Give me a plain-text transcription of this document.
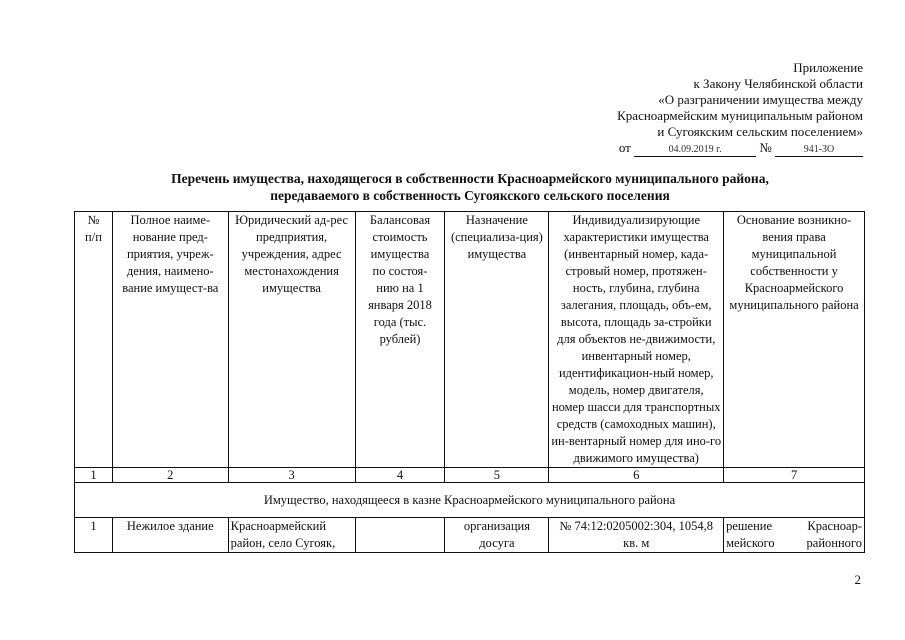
Приложение
к Закону Челябинской области
«О разграничении имущества между
Красноармейским муниципальным районом
и Сугоякским сельским поселением»
от	04.09.2019 г.	№	941-ЗО
Перечень имущества, находящегося в собственности Красноармейского муниципального района,
передаваемого в собственность Сугоякского сельского поселения
№ п/п	Полное наиме-нование пред-приятия, учреж-дения, наимено-вание имущест-ва	Юридический ад-рес предприятия, учреждения, адрес местонахождения имущества	Балансовая стоимость имущества по состоя-нию на 1 января 2018 года (тыс. рублей)	Назначение (специализа-ция) имущества	Индивидуализирующие характеристики имущества (инвентарный номер, када-стровый номер, протяжен-ность, глубина, глубина залегания, площадь, объ-ем, высота, площадь за-стройки для объектов не-движимости, инвентарный номер, идентификацион-ный номер, модель, номер двигателя, номер шасси для транспортных средств (самоходных машин), ин-вентарный номер для ино-го движимого имущества)	Основание возникно-вения права муниципальной собственности у Красноармейского муниципального района
1	2	3	4	5	6	7
Имущество, находящееся в казне Красноармейского муниципального района						
1	Нежилое здание	Красноармейский район, село Сугояк,		организация досуга	№ 74:12:0205002:304, 1054,8 кв. м	решение Красноар-мейского районного
2
